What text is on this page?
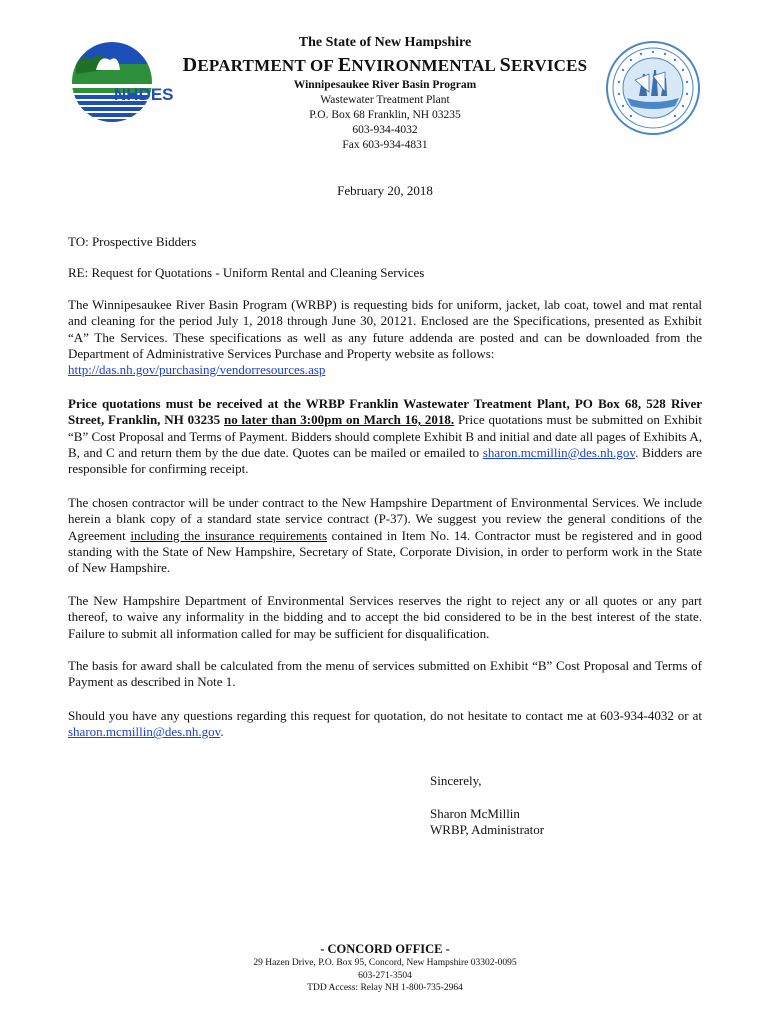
NHDES
The State of New Hampshire
DEPARTMENT OF ENVIRONMENTAL SERVICES
Winnipesaukee River Basin Program
Wastewater Treatment Plant
P.O. Box 68 Franklin, NH 03235
603-934-4032
Fax 603-934-4831
February 20, 2018
TO: Prospective Bidders
RE: Request for Quotations - Uniform Rental and Cleaning Services
The Winnipesaukee River Basin Program (WRBP) is requesting bids for uniform, jacket, lab coat, towel and mat rental and cleaning for the period July 1, 2018 through June 30, 20121. Enclosed are the Specifications, presented as Exhibit “A” The Services. These specifications as well as any future addenda are posted and can be downloaded from the Department of Administrative Services Purchase and Property website as follows:
http://das.nh.gov/purchasing/vendorresources.asp
Price quotations must be received at the WRBP Franklin Wastewater Treatment Plant, PO Box 68, 528 River Street, Franklin, NH 03235 no later than 3:00pm on March 16, 2018. Price quotations must be submitted on Exhibit “B” Cost Proposal and Terms of Payment. Bidders should complete Exhibit B and initial and date all pages of Exhibits A, B, and C and return them by the due date. Quotes can be mailed or emailed to sharon.mcmillin@des.nh.gov. Bidders are responsible for confirming receipt.
The chosen contractor will be under contract to the New Hampshire Department of Environmental Services. We include herein a blank copy of a standard state service contract (P-37). We suggest you review the general conditions of the Agreement including the insurance requirements contained in Item No. 14. Contractor must be registered and in good standing with the State of New Hampshire, Secretary of State, Corporate Division, in order to perform work in the State of New Hampshire.
The New Hampshire Department of Environmental Services reserves the right to reject any or all quotes or any part thereof, to waive any informality in the bidding and to accept the bid considered to be in the best interest of the state. Failure to submit all information called for may be sufficient for disqualification.
The basis for award shall be calculated from the menu of services submitted on Exhibit “B” Cost Proposal and Terms of Payment as described in Note 1.
Should you have any questions regarding this request for quotation, do not hesitate to contact me at 603-934-4032 or at sharon.mcmillin@des.nh.gov.
Sincerely,
Sharon McMillin
WRBP, Administrator
- CONCORD OFFICE -
29 Hazen Drive, P.O. Box 95, Concord, New Hampshire 03302-0095
603-271-3504
TDD Access: Relay NH 1-800-735-2964
